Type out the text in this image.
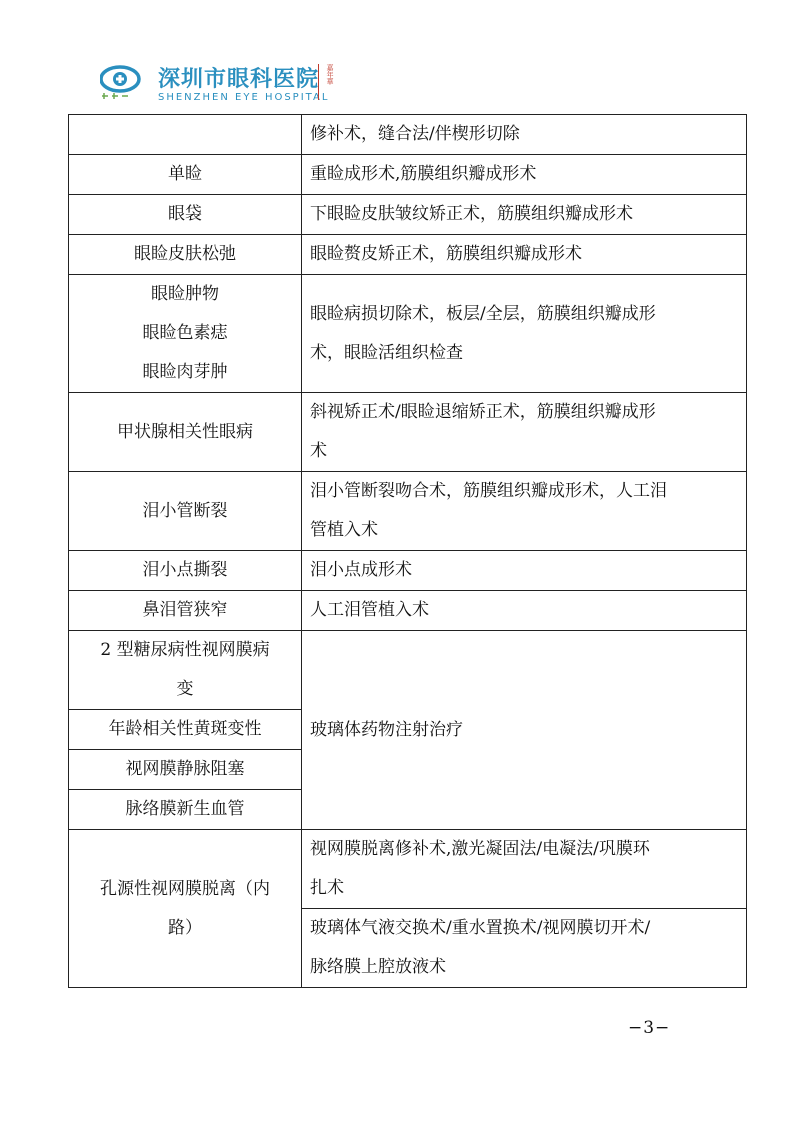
深圳市眼科医院
SHENZHEN EYE HOSPITAL
嘉年華

	修补术，缝合法/伴楔形切除

单睑	重睑成形术,筋膜组织瓣成形术

眼袋	下眼睑皮肤皱纹矫正术，筋膜组织瓣成形术

眼睑皮肤松弛	眼睑赘皮矫正术，筋膜组织瓣成形术

眼睑肿物
眼睑色素痣
眼睑肉芽肿	眼睑病损切除术，板层/全层，筋膜组织瓣成形
术，眼睑活组织检查

甲状腺相关性眼病	斜视矫正术/眼睑退缩矫正术，筋膜组织瓣成形
术

泪小管断裂	泪小管断裂吻合术，筋膜组织瓣成形术，人工泪
管植入术

泪小点撕裂	泪小点成形术

鼻泪管狭窄	人工泪管植入术

2 型糖尿病性视网膜病
变	玻璃体药物注射治疗

年龄相关性黄斑变性	

视网膜静脉阻塞	

脉络膜新生血管	

孔源性视网膜脱离（内
路）	视网膜脱离修补术,激光凝固法/电凝法/巩膜环
扎术

	玻璃体气液交换术/重水置换术/视网膜切开术/
脉络膜上腔放液术
−3−
